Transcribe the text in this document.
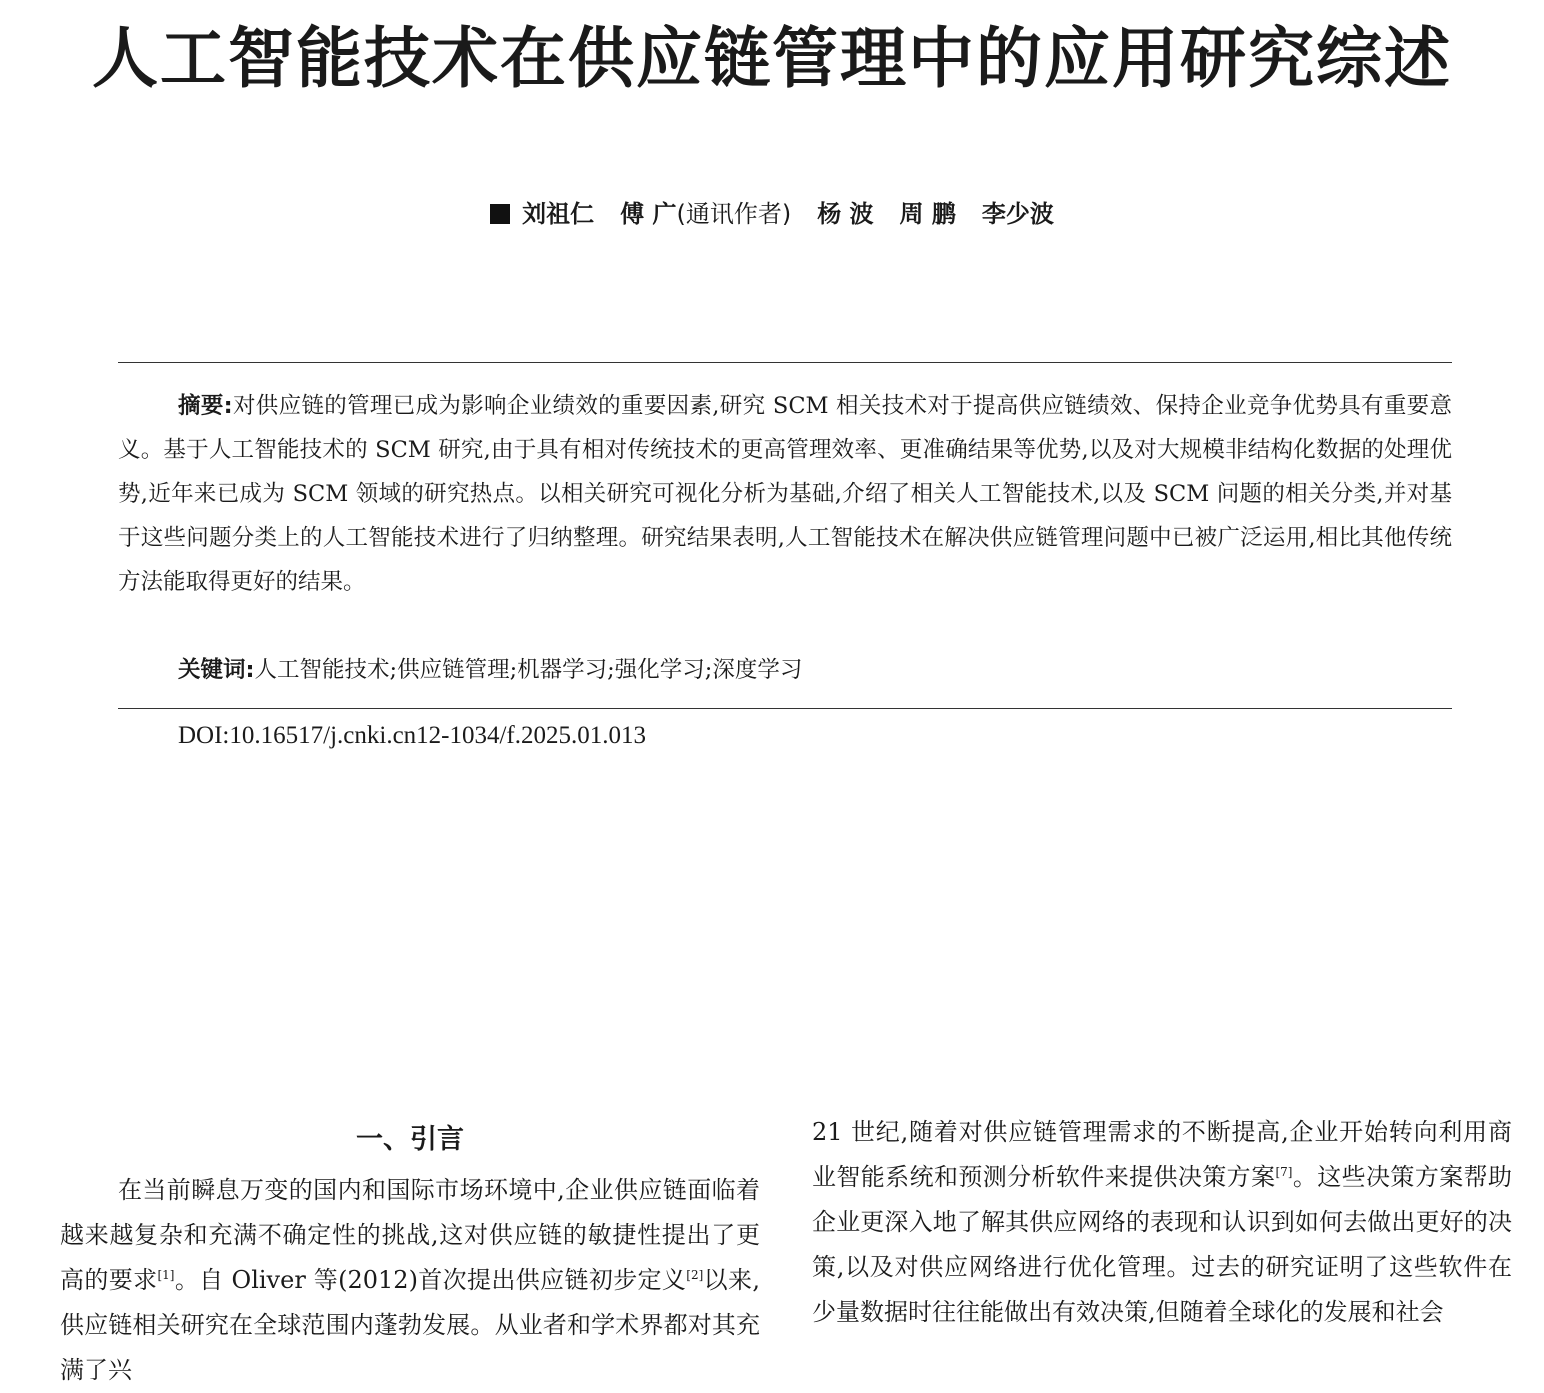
人工智能技术在供应链管理中的应用研究综述
刘祖仁 傅 广(通讯作者) 杨 波 周 鹏 李少波

摘要:对供应链的管理已成为影响企业绩效的重要因素,研究 SCM 相关技术对于提高供应链绩效、保持企业竞争优势具有重要意义。基于人工智能技术的 SCM 研究,由于具有相对传统技术的更高管理效率、更准确结果等优势,以及对大规模非结构化数据的处理优势,近年来已成为 SCM 领域的研究热点。以相关研究可视化分析为基础,介绍了相关人工智能技术,以及 SCM 问题的相关分类,并对基于这些问题分类上的人工智能技术进行了归纳整理。研究结果表明,人工智能技术在解决供应链管理问题中已被广泛运用,相比其他传统方法能取得更好的结果。

关键词:人工智能技术;供应链管理;机器学习;强化学习;深度学习

DOI:10.16517/j.cnki.cn12-1034/f.2025.01.013
一、引言

在当前瞬息万变的国内和国际市场环境中,企业供应链面临着越来越复杂和充满不确定性的挑战,这对供应链的敏捷性提出了更高的要求[1]。自 Oliver 等(2012)首次提出供应链初步定义[2]以来,供应链相关研究在全球范围内蓬勃发展。从业者和学术界都对其充满了兴

21 世纪,随着对供应链管理需求的不断提高,企业开始转向利用商业智能系统和预测分析软件来提供决策方案[7]。这些决策方案帮助企业更深入地了解其供应网络的表现和认识到如何去做出更好的决策,以及对供应网络进行优化管理。过去的研究证明了这些软件在少量数据时往往能做出有效决策,但随着全球化的发展和社会
